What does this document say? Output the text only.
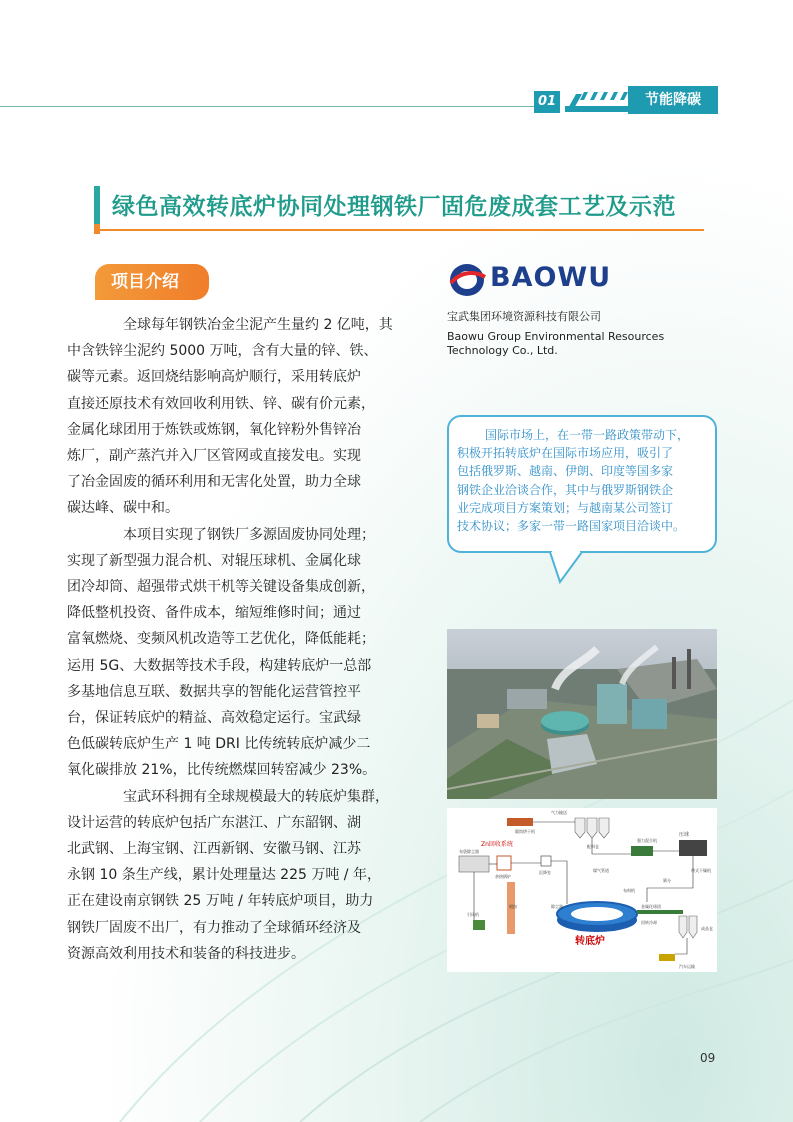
01	节能降碳
绿色高效转底炉协同处理钢铁厂固危废成套工艺及示范
项目介绍

全球每年钢铁冶金尘泥产生量约 2 亿吨，其
中含铁锌尘泥约 5000 万吨，含有大量的锌、铁、
碳等元素。返回烧结影响高炉顺行，采用转底炉
直接还原技术有效回收利用铁、锌、碳有价元素，
金属化球团用于炼铁或炼钢，氧化锌粉外售锌冶
炼厂，副产蒸汽并入厂区管网或直接发电。实现
了冶金固废的循环利用和无害化处置，助力全球
碳达峰、碳中和。

本项目实现了钢铁厂多源固废协同处理；
实现了新型强力混合机、对辊压球机、金属化球
团冷却筒、超强带式烘干机等关键设备集成创新，
降低整机投资、备件成本，缩短维修时间；通过
富氧燃烧、变频风机改造等工艺优化，降低能耗；
运用 5G、大数据等技术手段，构建转底炉一总部
多基地信息互联、数据共享的智能化运营管控平
台，保证转底炉的精益、高效稳定运行。宝武绿
色低碳转底炉生产 1 吨 DRI 比传统转底炉减少二
氧化碳排放 21%，比传统燃煤回转窑减少 23%。

宝武环科拥有全球规模最大的转底炉集群，
设计运营的转底炉包括广东湛江、广东韶钢、湖
北武钢、上海宝钢、江西新钢、安徽马钢、江苏
永钢 10 条生产线，累计处理量达 225 万吨 / 年，
正在建设南京钢铁 25 万吨 / 年转底炉项目，助力
钢铁厂固废不出厂，有力推动了全球循环经济及
资源高效利用技术和装备的科技进步。

BAOWU
宝武集团环境资源科技有限公司
Baowu Group Environmental Resources
Technology Co., Ltd.
国际市场上，在一带一路政策带动下，
积极开拓转底炉在国际市场应用，吸引了
包括俄罗斯、越南、伊朗、印度等国多家
钢铁企业洽谈合作，其中与俄罗斯钢铁企
业完成项目方案策划；与越南某公司签订
技术协议；多家一带一路国家项目洽谈中。
圆筒烘干机
气力输送
配料仓
强力混合机
压球
带式干燥机
Zn回收系统
布袋除尘器
余热锅炉
烟囱
引风机
沉降室	煤气管道
转底炉
布料机
金属化球团
回转冷却
筛分
成品仓
汽车运输
除尘器
09
